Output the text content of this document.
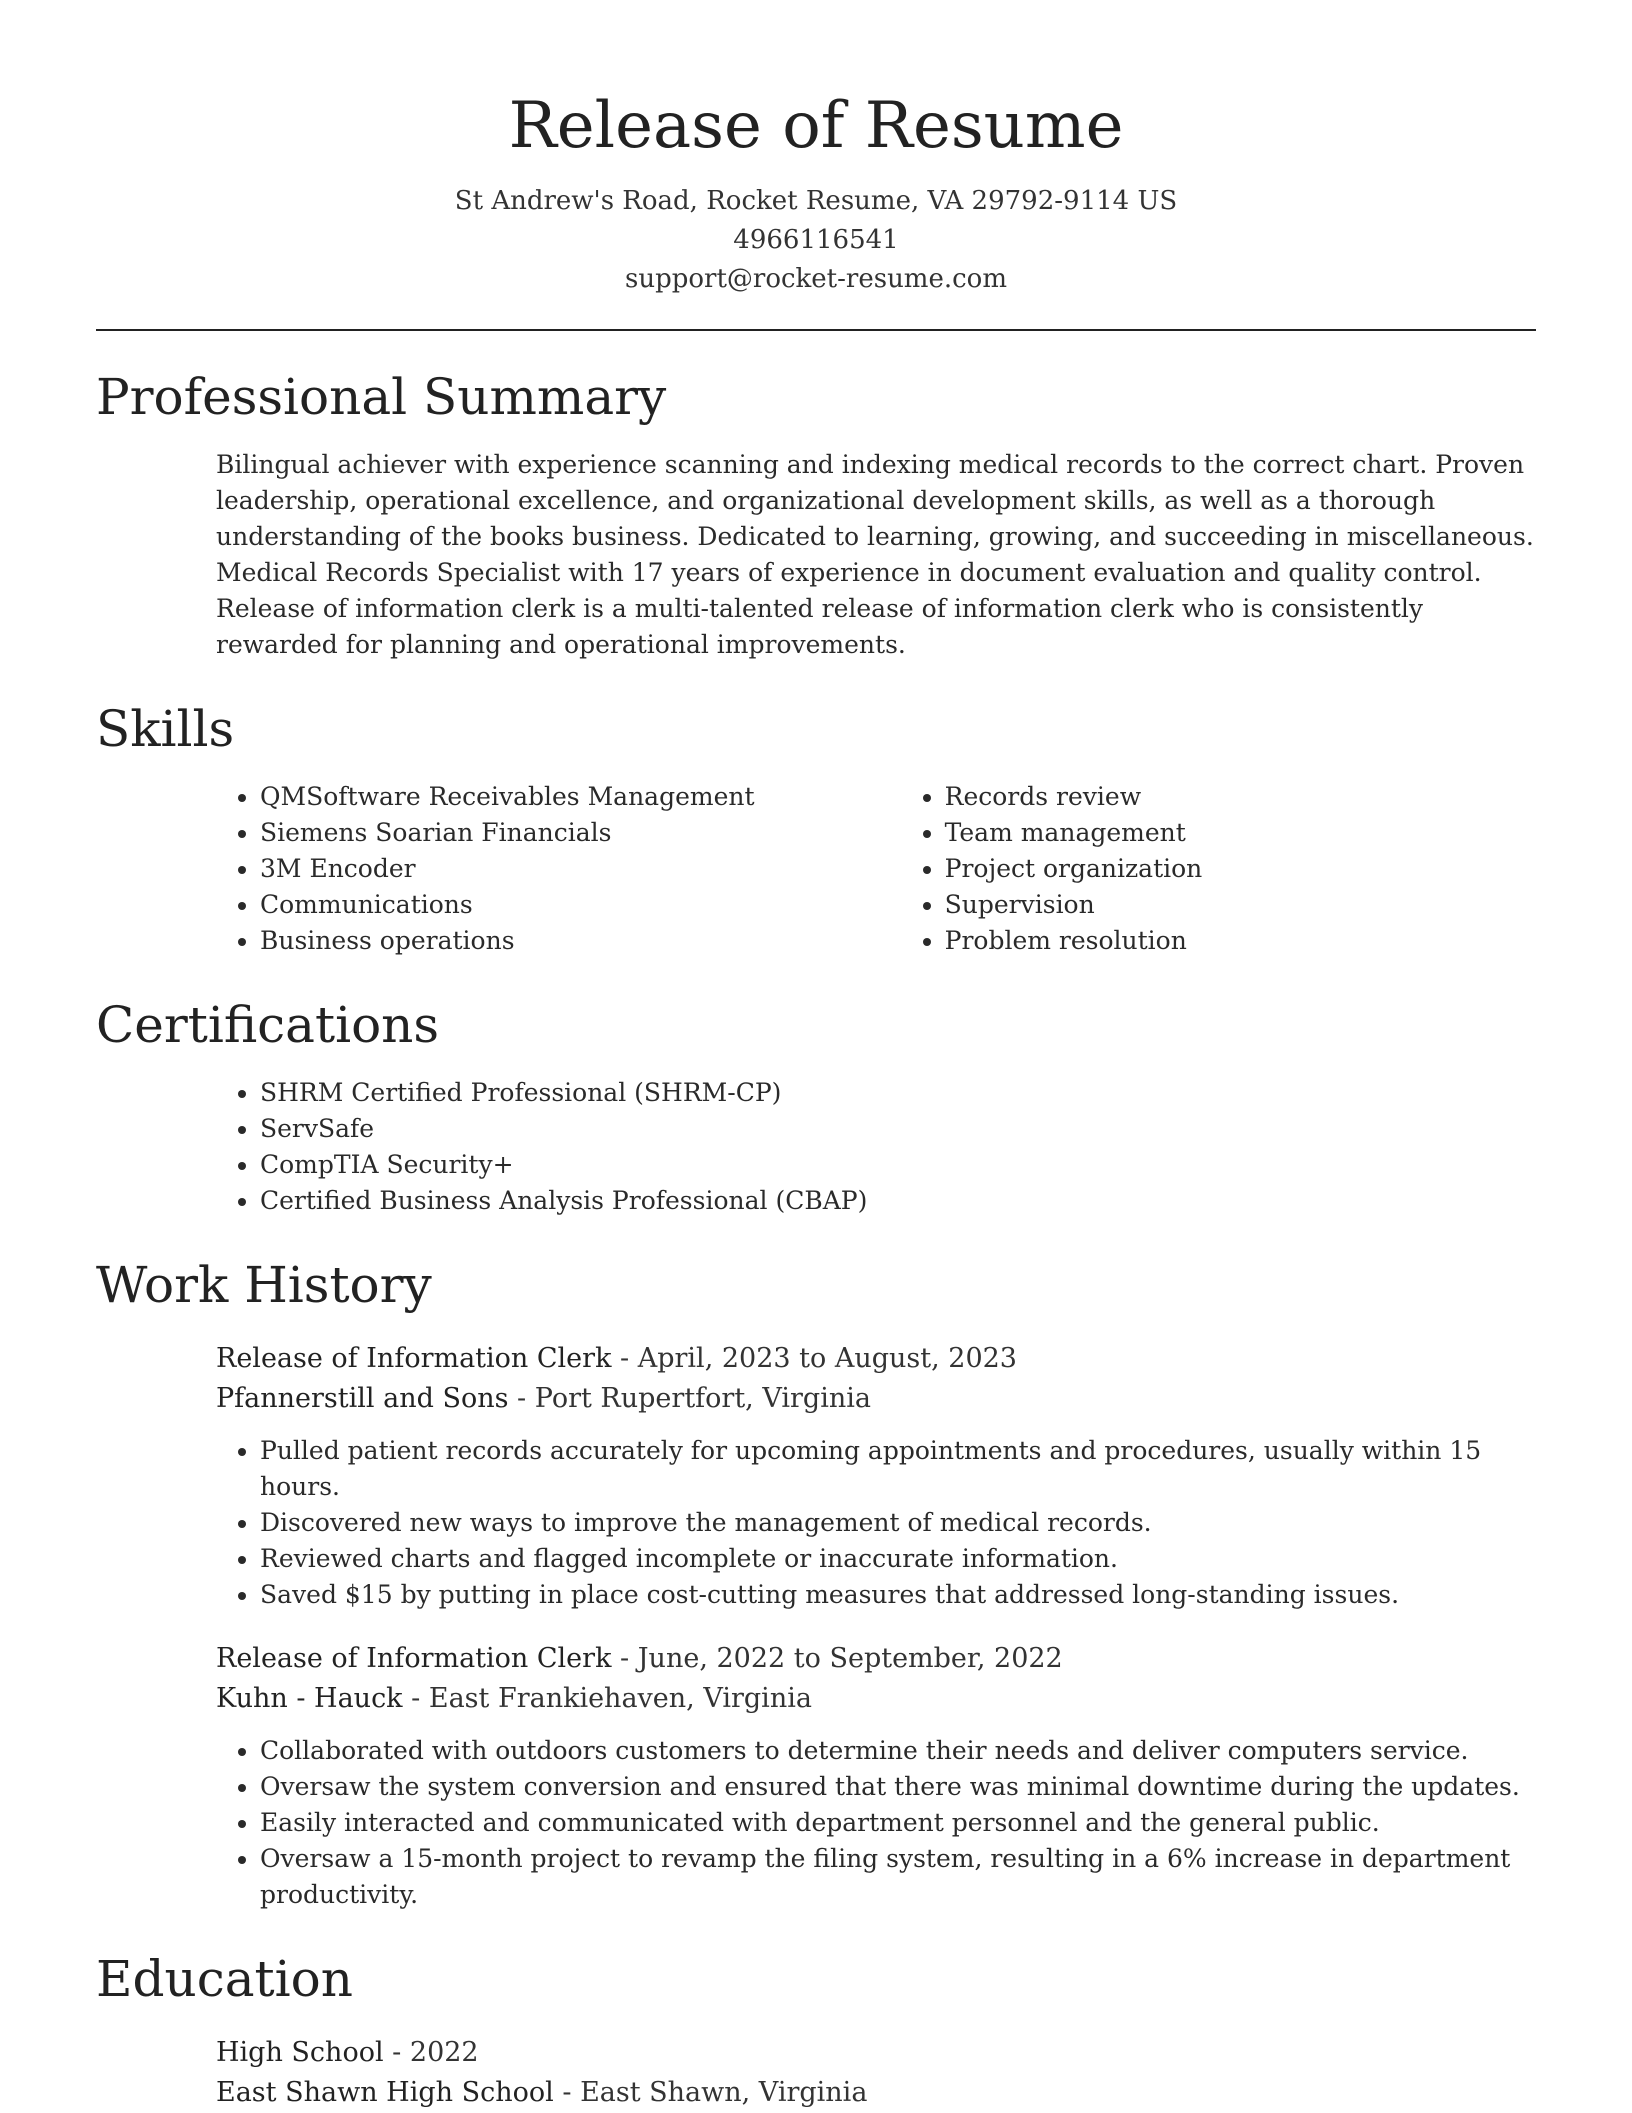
Release of Resume
St Andrew's Road, Rocket Resume, VA 29792-9114 US
4966116541
support@rocket-resume.com
Professional Summary

Bilingual achiever with experience scanning and indexing medical records to the correct chart. Proven leadership, operational excellence, and organizational development skills, as well as a thorough understanding of the books business. Dedicated to learning, growing, and succeeding in miscellaneous. Medical Records Specialist with 17 years of experience in document evaluation and quality control. Release of information clerk is a multi-talented release of information clerk who is consistently rewarded for planning and operational improvements.

Skills
• QMSoftware Receivables Management
• Siemens Soarian Financials
• 3M Encoder
• Communications
• Business operations
• Records review
• Team management
• Project organization
• Supervision
• Problem resolution
Certifications
• SHRM Certified Professional (SHRM-CP)
• ServSafe
• CompTIA Security+
• Certified Business Analysis Professional (CBAP)
Work History
Release of Information Clerk - April, 2023 to August, 2023
Pfannerstill and Sons - Port Rupertfort, Virginia
• Pulled patient records accurately for upcoming appointments and procedures, usually within 15 hours.
• Discovered new ways to improve the management of medical records.
• Reviewed charts and flagged incomplete or inaccurate information.
• Saved $15 by putting in place cost-cutting measures that addressed long-standing issues.
Release of Information Clerk - June, 2022 to September, 2022
Kuhn - Hauck - East Frankiehaven, Virginia
• Collaborated with outdoors customers to determine their needs and deliver computers service.
• Oversaw the system conversion and ensured that there was minimal downtime during the updates.
• Easily interacted and communicated with department personnel and the general public.
• Oversaw a 15-month project to revamp the filing system, resulting in a 6% increase in department productivity.
Education
High School - 2022
East Shawn High School - East Shawn, Virginia
